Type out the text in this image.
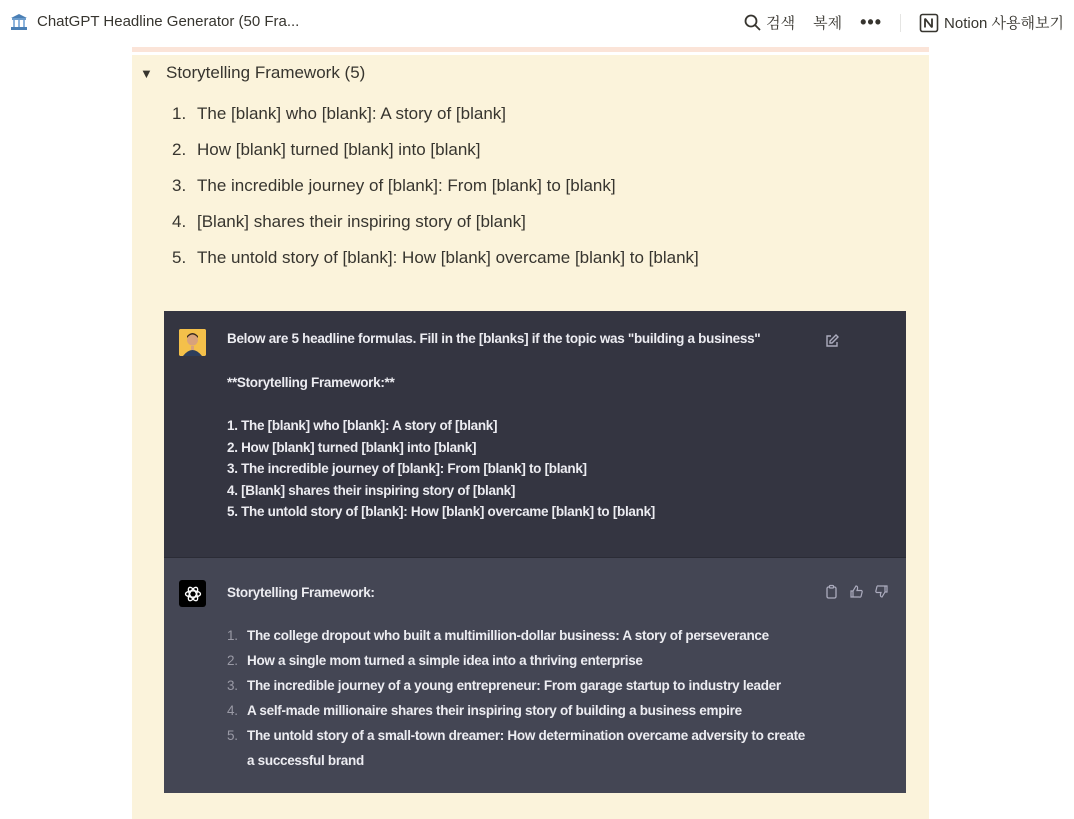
ChatGPT Headline Generator (50 Fra...	검색 복제 •••	Notion 사용해보기
▼ Storytelling Framework (5)
1. The [blank] who [blank]: A story of [blank]
2. How [blank] turned [blank] into [blank]
3. The incredible journey of [blank]: From [blank] to [blank]
4. [Blank] shares their inspiring story of [blank]
5. The untold story of [blank]: How [blank] overcame [blank] to [blank]
Below are 5 headline formulas. Fill in the [blanks] if the topic was "building a business"
**Storytelling Framework:**
1. The [blank] who [blank]: A story of [blank]
2. How [blank] turned [blank] into [blank]
3. The incredible journey of [blank]: From [blank] to [blank]
4. [Blank] shares their inspiring story of [blank]
5. The untold story of [blank]: How [blank] overcame [blank] to [blank]
Storytelling Framework:
1. The college dropout who built a multimillion-dollar business: A story of perseverance
2. How a single mom turned a simple idea into a thriving enterprise
3. The incredible journey of a young entrepreneur: From garage startup to industry leader
4. A self-made millionaire shares their inspiring story of building a business empire
5. The untold story of a small-town dreamer: How determination overcame adversity to create a successful brand
